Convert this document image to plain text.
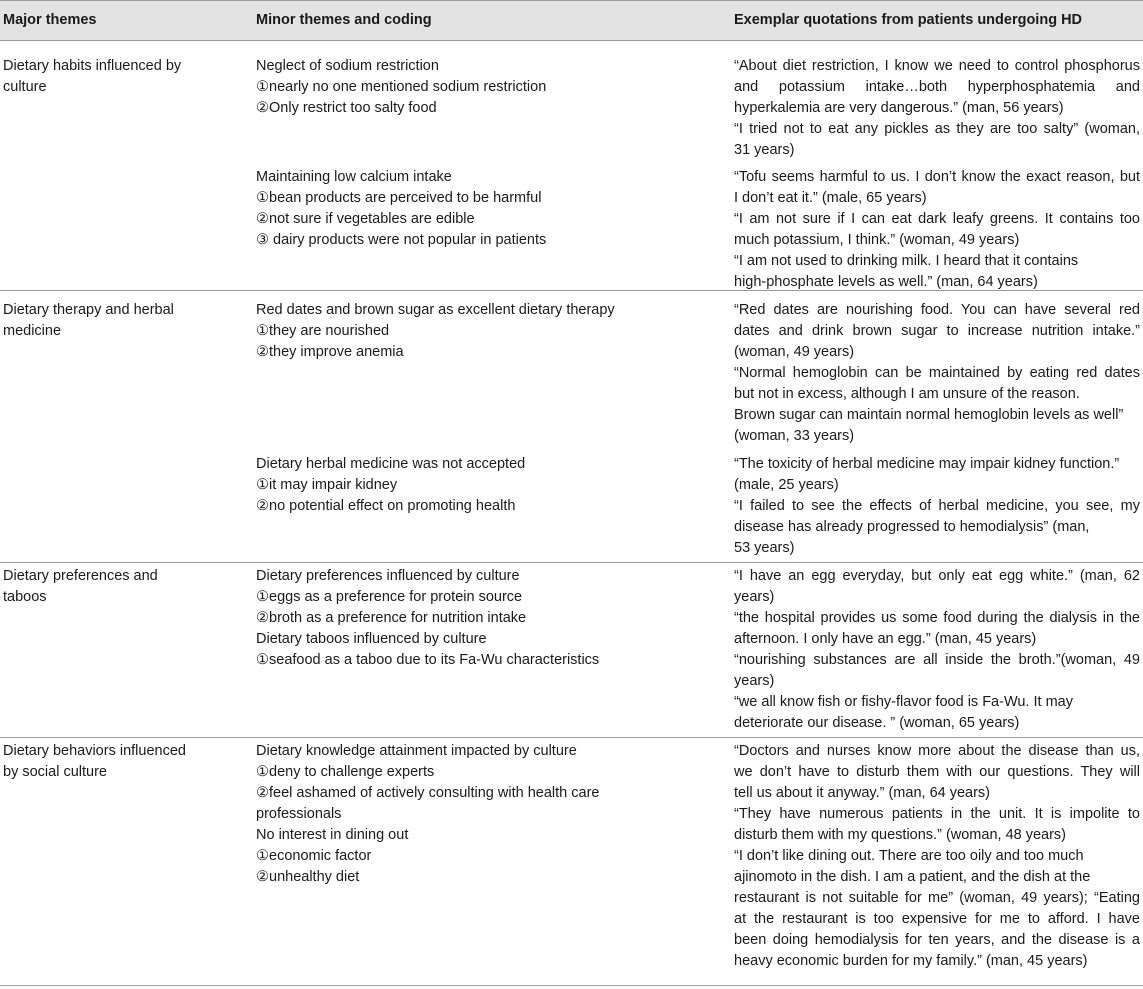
Major themes	Minor themes and coding	Exemplar quotations from patients undergoing HD
Dietary habits influenced by
culture
Neglect of sodium restriction
①nearly no one mentioned sodium restriction
②Only restrict too salty food
“About diet restriction, I know we need to control phosphorus
and potassium intake…both hyperphosphatemia and
hyperkalemia are very dangerous.” (man, 56 years)
“I tried not to eat any pickles as they are too salty” (woman,
31 years)
Maintaining low calcium intake
①bean products are perceived to be harmful
②not sure if vegetables are edible
③ dairy products were not popular in patients
“Tofu seems harmful to us. I don’t know the exact reason, but
I don’t eat it.” (male, 65 years)
“I am not sure if I can eat dark leafy greens. It contains too
much potassium, I think.” (woman, 49 years)
“I am not used to drinking milk. I heard that it contains
high-phosphate levels as well.” (man, 64 years)
Dietary therapy and herbal
medicine
Red dates and brown sugar as excellent dietary therapy
①they are nourished
②they improve anemia
“Red dates are nourishing food. You can have several red
dates and drink brown sugar to increase nutrition intake.”
(woman, 49 years)
“Normal hemoglobin can be maintained by eating red dates
but not in excess, although I am unsure of the reason.
Brown sugar can maintain normal hemoglobin levels as well”
(woman, 33 years)
Dietary herbal medicine was not accepted
①it may impair kidney
②no potential effect on promoting health
“The toxicity of herbal medicine may impair kidney function.”
(male, 25 years)
“I failed to see the effects of herbal medicine, you see, my
disease has already progressed to hemodialysis” (man,
53 years)
Dietary preferences and
taboos
Dietary preferences influenced by culture
①eggs as a preference for protein source
②broth as a preference for nutrition intake
Dietary taboos influenced by culture
①seafood as a taboo due to its Fa-Wu characteristics
“I have an egg everyday, but only eat egg white.” (man, 62
years)
“the hospital provides us some food during the dialysis in the
afternoon. I only have an egg.” (man, 45 years)
“nourishing substances are all inside the broth.”(woman, 49
years)
“we all know fish or fishy-flavor food is Fa-Wu. It may
deteriorate our disease. ” (woman, 65 years)
Dietary behaviors influenced
by social culture
Dietary knowledge attainment impacted by culture
①deny to challenge experts
②feel ashamed of actively consulting with health care
professionals
No interest in dining out
①economic factor
②unhealthy diet
“Doctors and nurses know more about the disease than us,
we don’t have to disturb them with our questions. They will
tell us about it anyway.” (man, 64 years)
“They have numerous patients in the unit. It is impolite to
disturb them with my questions.” (woman, 48 years)
“I don’t like dining out. There are too oily and too much
ajinomoto in the dish. I am a patient, and the dish at the
restaurant is not suitable for me” (woman, 49 years); “Eating
at the restaurant is too expensive for me to afford. I have
been doing hemodialysis for ten years, and the disease is a
heavy economic burden for my family.” (man, 45 years)
